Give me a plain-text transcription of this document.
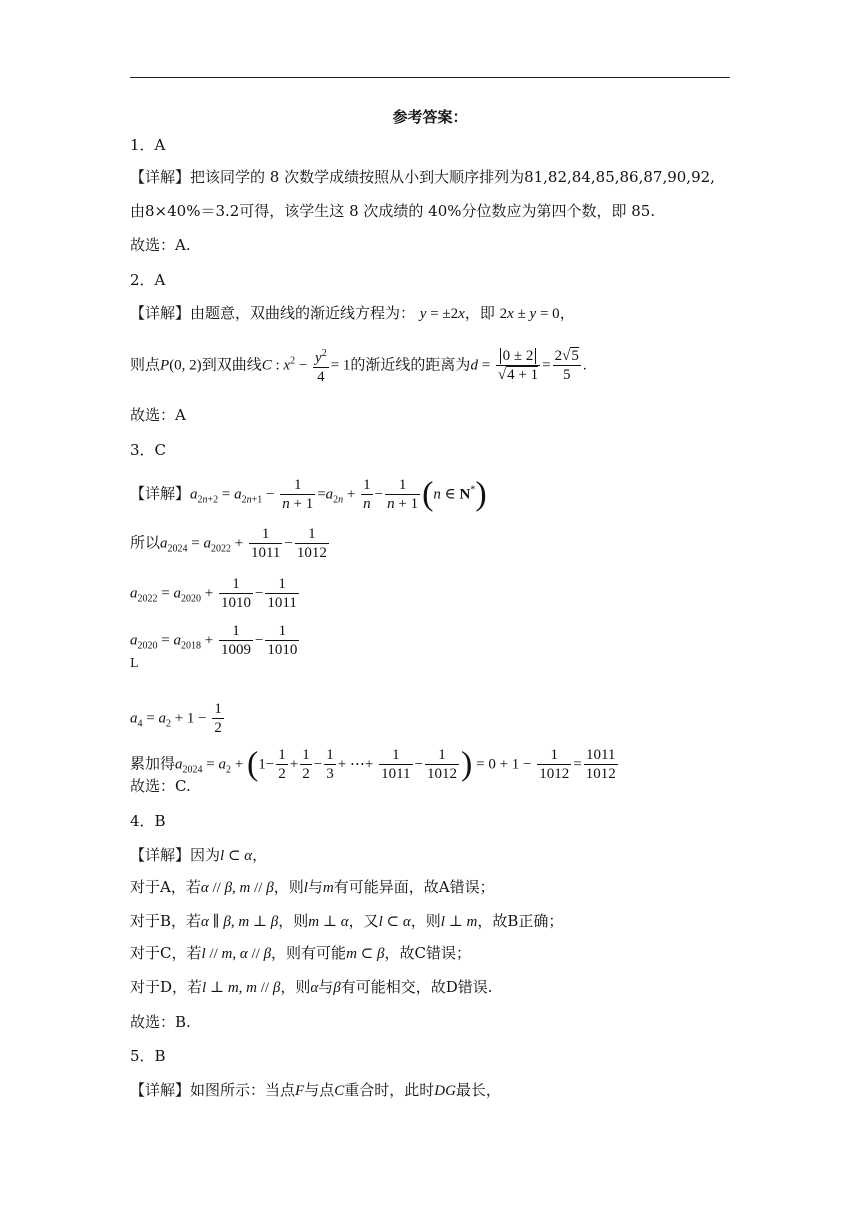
参考答案：
1．A
【详解】把该同学的 8 次数学成绩按照从小到大顺序排列为81,82,84,85,86,87,90,92,
由8×40%＝3.2可得，该学生这 8 次成绩的 40%分位数应为第四个数，即 85.
故选：A.
2．A
【详解】由题意，双曲线的渐近线方程为： y = ±2x，即 2x ± y = 0，
则点P(0, 2)到双曲线C : $x^2 - \frac{y^2}{4} = 1$的渐近线的距离为$d = \frac{0 \pm 2}{√4 + 1} = \frac{2√5}{5}$ .
故选：A
3．C
【详解】$a_{2n+2} = a_{2n+1} - \frac{1}{n + 1} =a_{2n} + \frac{1}{n} - \frac{1}{n + 1} (n$ ∈ N*)
所以$a_{2024} = a_{2022} + \frac{1}{1011} - \frac{1}{1012}$
$a_{2022} = a_{2020} + \frac{1}{1010} - \frac{1}{1011}$
$a_{2020} = a_{2018} + \frac{1}{1009} - \frac{1}{1010}$
L
$a_4 = a_2 + 1 - \frac{1}{2}$
累加得$a_{2024} = a_2 + (1- \frac{1}{2} + \frac{1}{2} - \frac{1}{3}$ + ⋯+ $\frac{1}{1011} - \frac{1}{1012}$ ) = $0 + 1 - \frac{1}{1012} = \frac{1011}{1012}$
故选：C.
4．B
【详解】因为l ⊂ α，
对于A，若α // β, m // β，则l与m有可能异面，故A错误；
对于B，若α ∥ β, m ⊥ β，则m ⊥ α，又l ⊂ α，则l ⊥ m，故B正确；
对于C，若l // m, α // β，则有可能m ⊂ β，故C错误；
对于D，若l ⊥ m, m // β，则α与β有可能相交，故D错误.
故选：B.
5．B
【详解】如图所示：当点F与点C重合时，此时DG最长，
